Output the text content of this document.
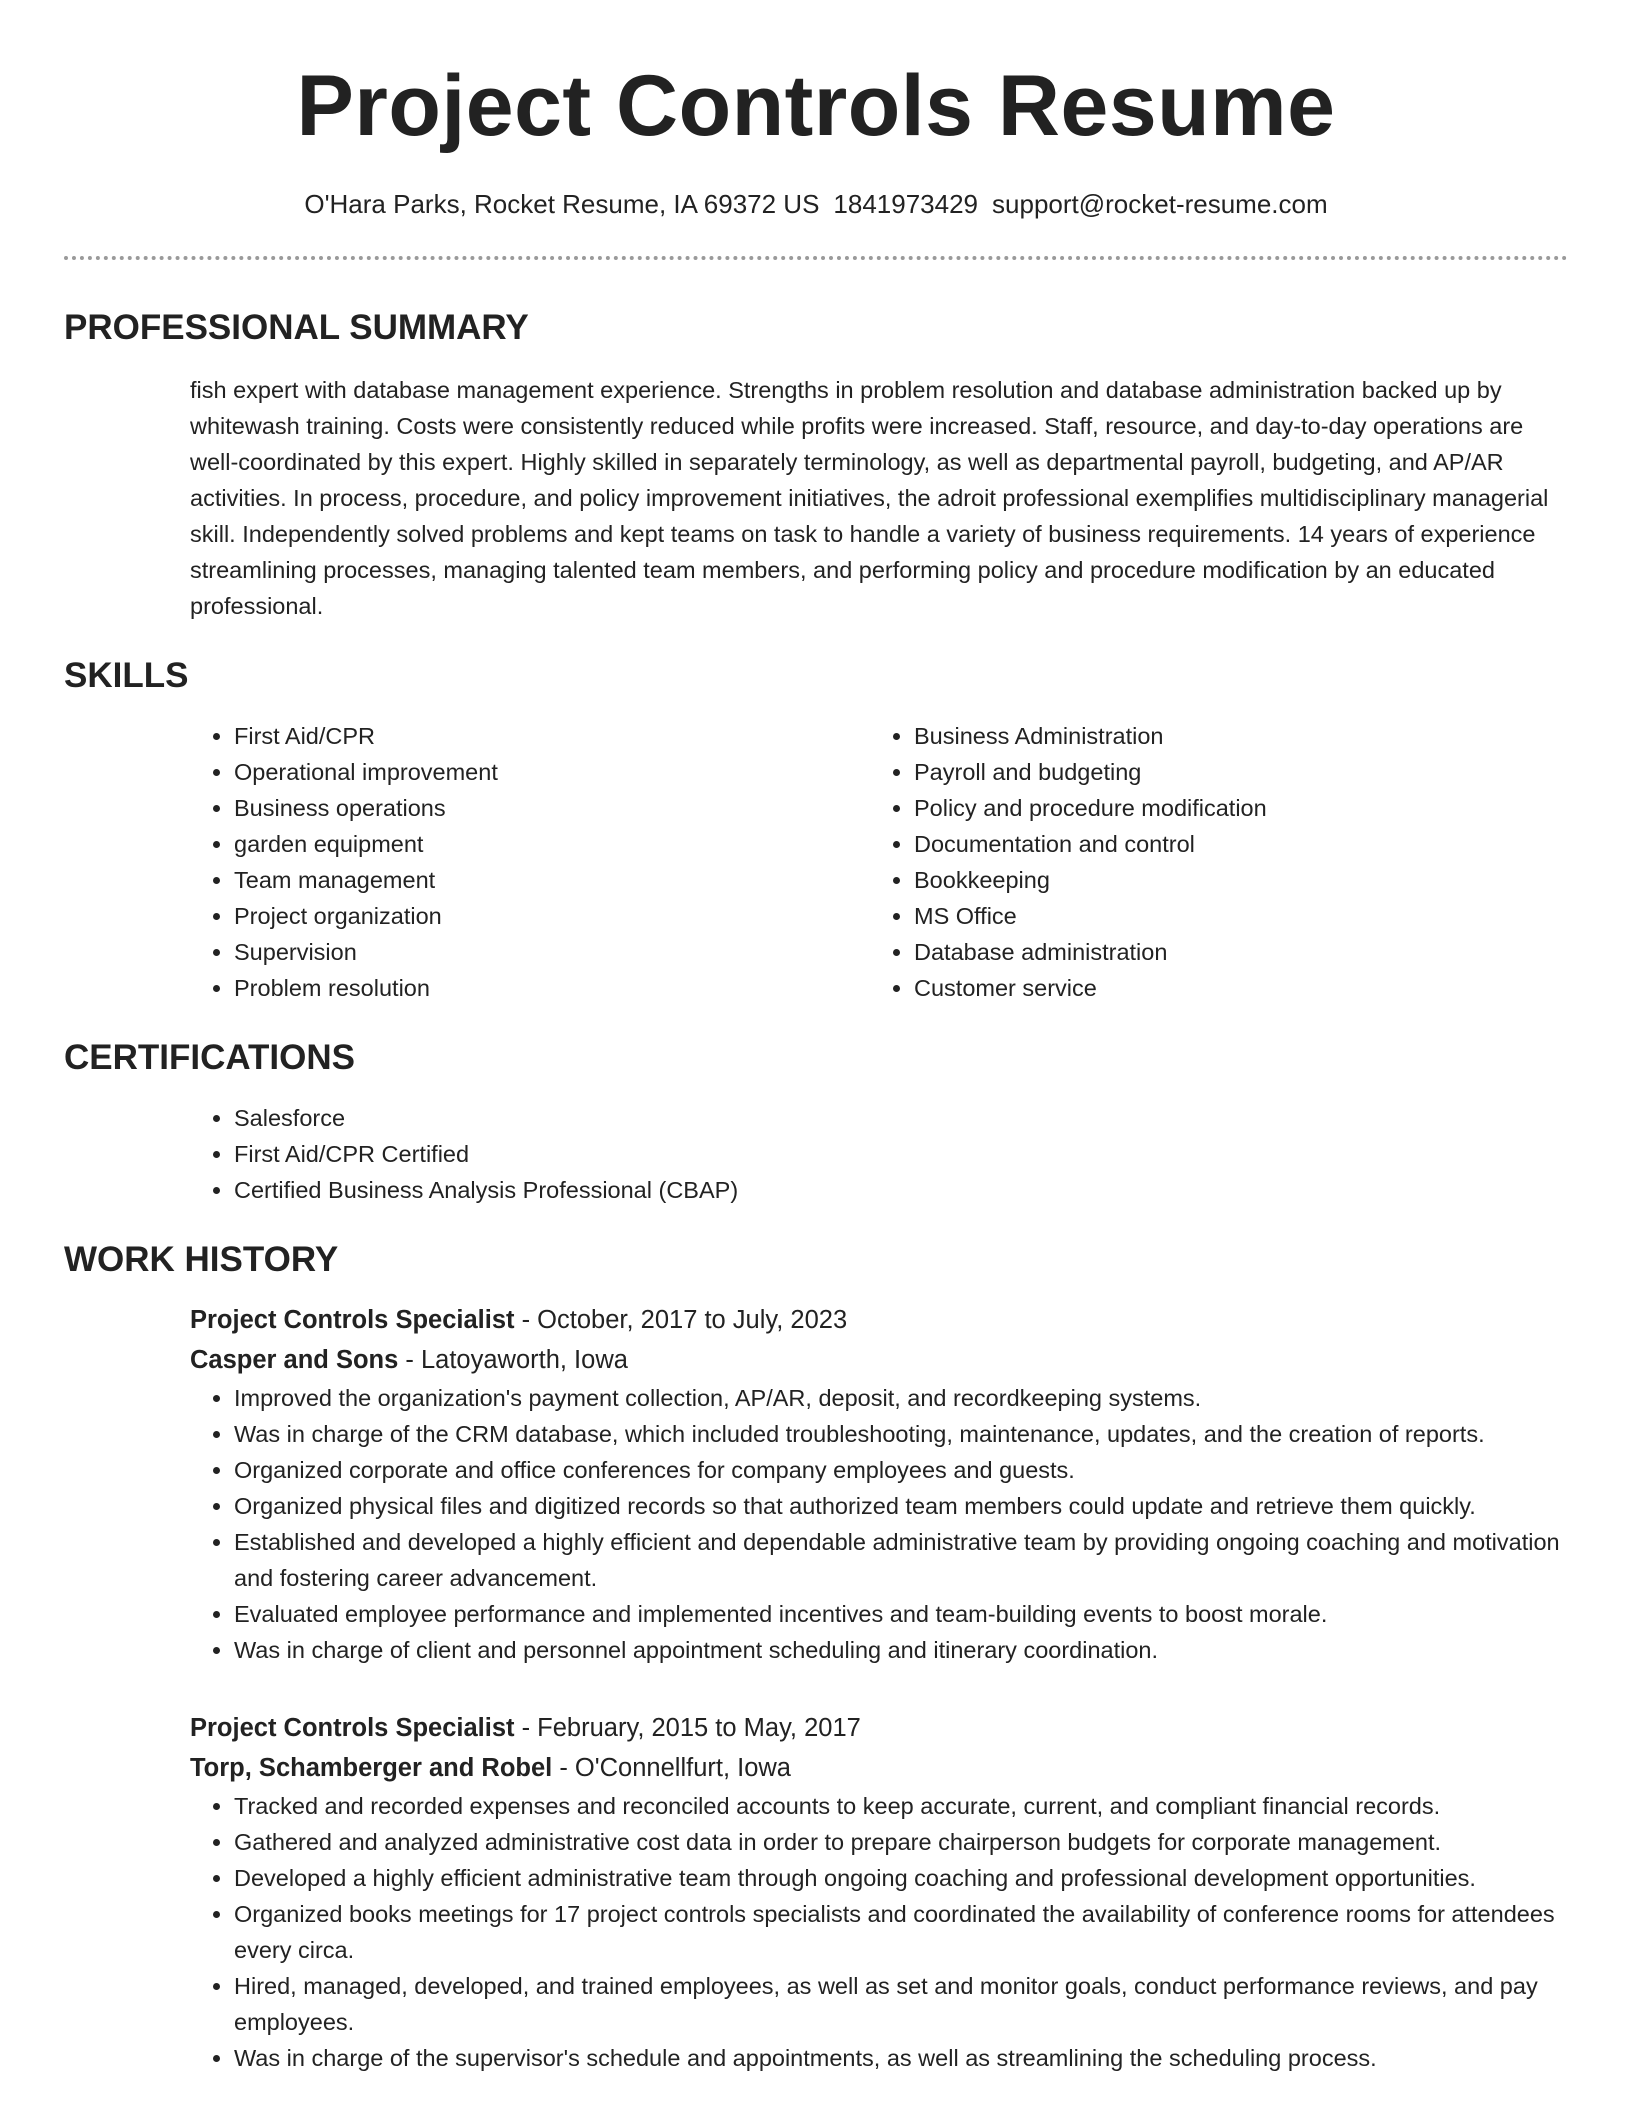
Project Controls Resume
O'Hara Parks, Rocket Resume, IA 69372 US 1841973429 support@rocket-resume.com
PROFESSIONAL SUMMARY

fish expert with database management experience. Strengths in problem resolution and database administration backed up by whitewash training. Costs were consistently reduced while profits were increased. Staff, resource, and day-to-day operations are well-coordinated by this expert. Highly skilled in separately terminology, as well as departmental payroll, budgeting, and AP/AR activities. In process, procedure, and policy improvement initiatives, the adroit professional exemplifies multidisciplinary managerial skill. Independently solved problems and kept teams on task to handle a variety of business requirements. 14 years of experience streamlining processes, managing talented team members, and performing policy and procedure modification by an educated professional.

SKILLS
• First Aid/CPR
• Operational improvement
• Business operations
• garden equipment
• Team management
• Project organization
• Supervision
• Problem resolution
• Business Administration
• Payroll and budgeting
• Policy and procedure modification
• Documentation and control
• Bookkeeping
• MS Office
• Database administration
• Customer service
CERTIFICATIONS
• Salesforce
• First Aid/CPR Certified
• Certified Business Analysis Professional (CBAP)
WORK HISTORY
Project Controls Specialist - October, 2017 to July, 2023
Casper and Sons - Latoyaworth, Iowa
• Improved the organization's payment collection, AP/AR, deposit, and recordkeeping systems.
• Was in charge of the CRM database, which included troubleshooting, maintenance, updates, and the creation of reports.
• Organized corporate and office conferences for company employees and guests.
• Organized physical files and digitized records so that authorized team members could update and retrieve them quickly.
• Established and developed a highly efficient and dependable administrative team by providing ongoing coaching and motivation and fostering career advancement.
• Evaluated employee performance and implemented incentives and team-building events to boost morale.
• Was in charge of client and personnel appointment scheduling and itinerary coordination.
Project Controls Specialist - February, 2015 to May, 2017
Torp, Schamberger and Robel - O'Connellfurt, Iowa
• Tracked and recorded expenses and reconciled accounts to keep accurate, current, and compliant financial records.
• Gathered and analyzed administrative cost data in order to prepare chairperson budgets for corporate management.
• Developed a highly efficient administrative team through ongoing coaching and professional development opportunities.
• Organized books meetings for 17 project controls specialists and coordinated the availability of conference rooms for attendees every circa.
• Hired, managed, developed, and trained employees, as well as set and monitor goals, conduct performance reviews, and pay employees.
• Was in charge of the supervisor's schedule and appointments, as well as streamlining the scheduling process.
